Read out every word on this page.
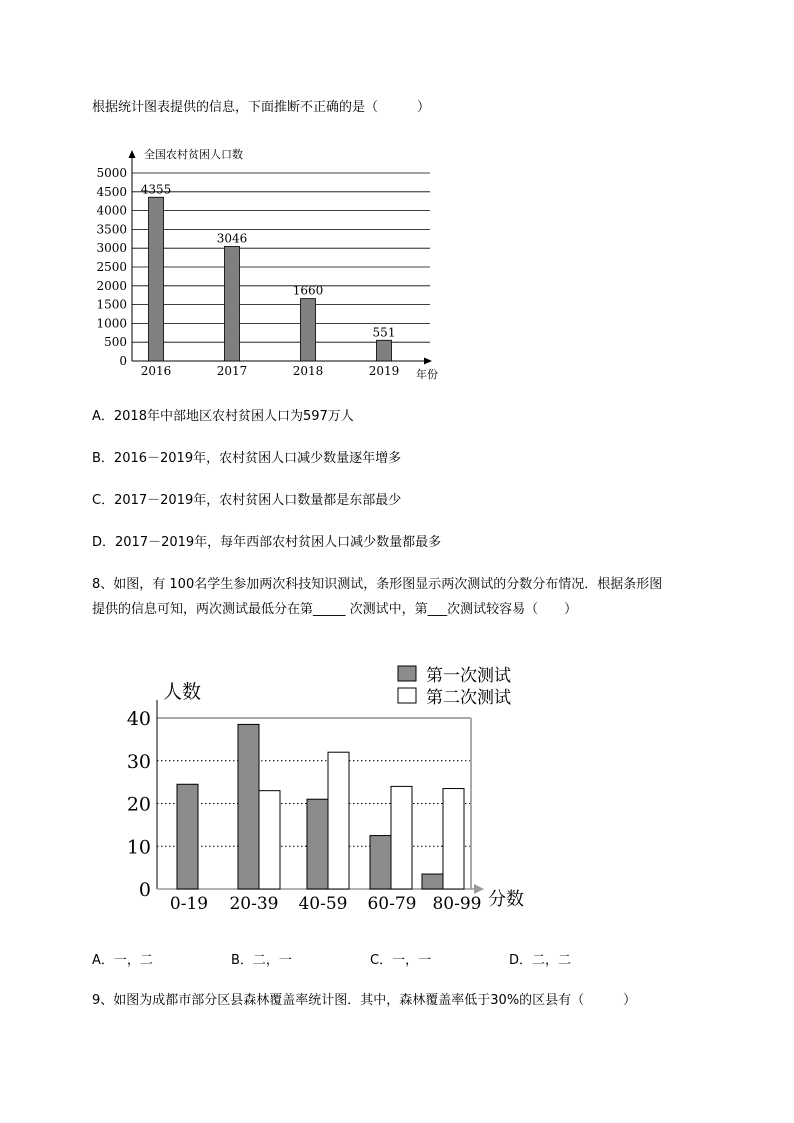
根据统计图表提供的信息，下面推断不正确的是（　　　）
全国农村贫困人口数
年份
0
500
1000
1500
2000
2500
3000
3500
4000
4500
5000
2016	2017	2018	2019
4355
3046
1660
551
A．2018年中部地区农村贫困人口为597万人
B．2016－2019年，农村贫困人口减少数量逐年增多
C．2017－2019年，农村贫困人口数量都是东部最少
D．2017－2019年，每年西部农村贫困人口减少数量都最多
8、如图，有 100名学生参加两次科技知识测试，条形图显示两次测试的分数分布情况．根据条形图
提供的信息可知，两次测试最低分在第_____ 次测试中，第___次测试较容易（　　）
人数
分数
第一次测试
第二次测试
0
10
20
30
40
0-19 20-39 40-59 60-79 80-99
A．一，二	B．二，一	C．一，一	D．二，二
9、如图为成都市部分区县森林覆盖率统计图．其中，森林覆盖率低于30%的区县有（　　　）
